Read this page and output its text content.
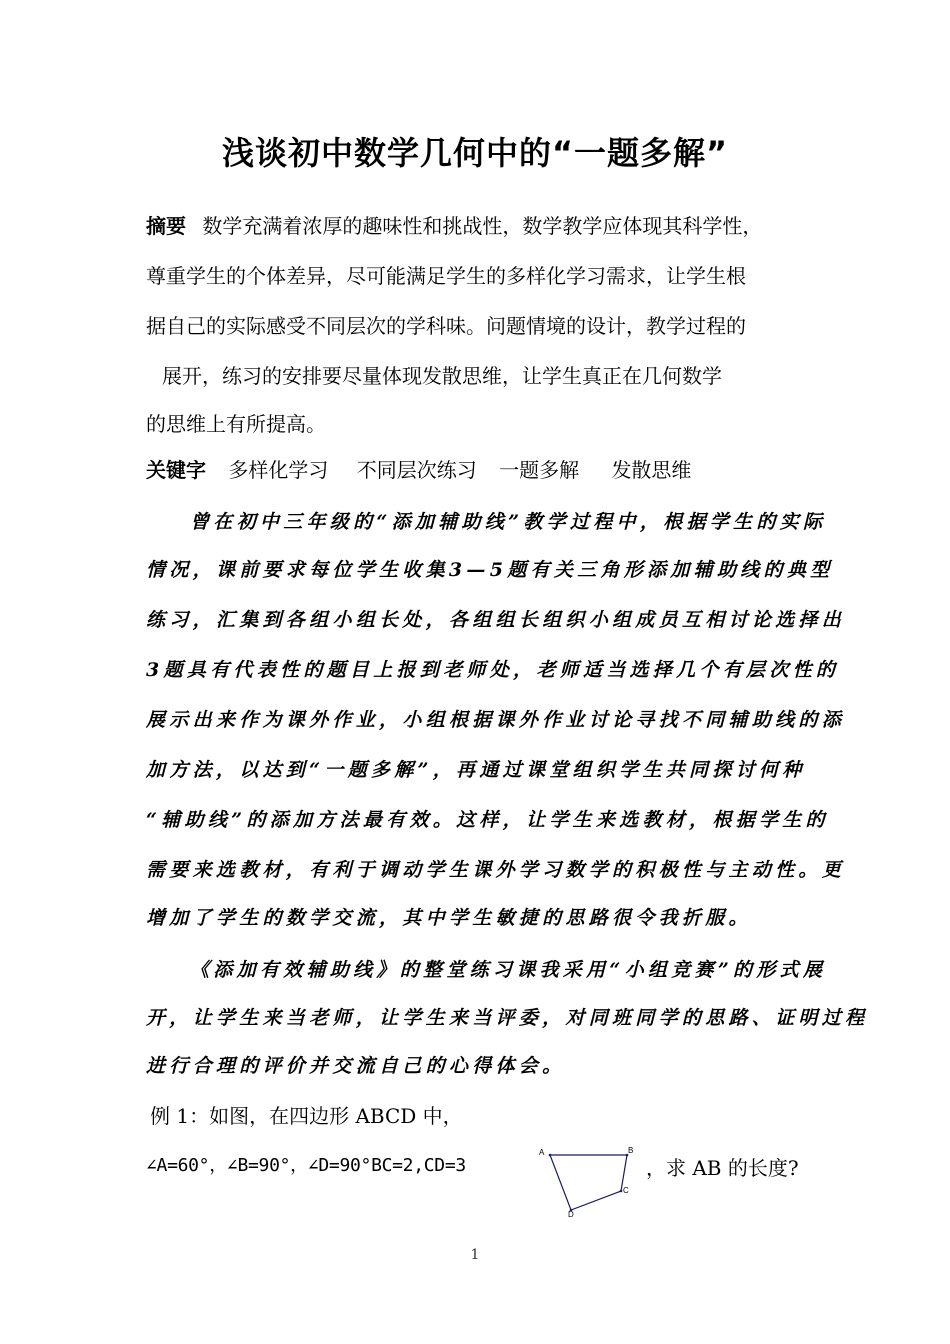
浅谈初中数学几何中的“一题多解”
摘要 数学充满着浓厚的趣味性和挑战性，数学教学应体现其科学性，
尊重学生的个体差异，尽可能满足学生的多样化学习需求，让学生根
据自己的实际感受不同层次的学科味。问题情境的设计，教学过程的
展开，练习的安排要尽量体现发散思维，让学生真正在几何数学
的思维上有所提高。
关键字 多样化学习 不同层次练习 一题多解 发散思维
曾在初中三年级的“添加辅助线”教学过程中，根据学生的实际
情况，课前要求每位学生收集3—5题有关三角形添加辅助线的典型
练习，汇集到各组小组长处，各组组长组织小组成员互相讨论选择出
3题具有代表性的题目上报到老师处，老师适当选择几个有层次性的
展示出来作为课外作业，小组根据课外作业讨论寻找不同辅助线的添
加方法，以达到“一题多解”，再通过课堂组织学生共同探讨何种
“辅助线”的添加方法最有效。这样，让学生来选教材，根据学生的
需要来选教材，有利于调动学生课外学习数学的积极性与主动性。更
增加了学生的数学交流，其中学生敏捷的思路很令我折服。
《添加有效辅助线》的整堂练习课我采用“小组竞赛”的形式展
开，让学生来当老师，让学生来当评委，对同班同学的思路、证明过程
进行合理的评价并交流自己的心得体会。
例 1：如图，在四边形 ABCD 中，
∠A=60°，∠B=90°，∠D=90°BC=2,CD=3
A	B
C
D
，求 AB 的长度?
1
